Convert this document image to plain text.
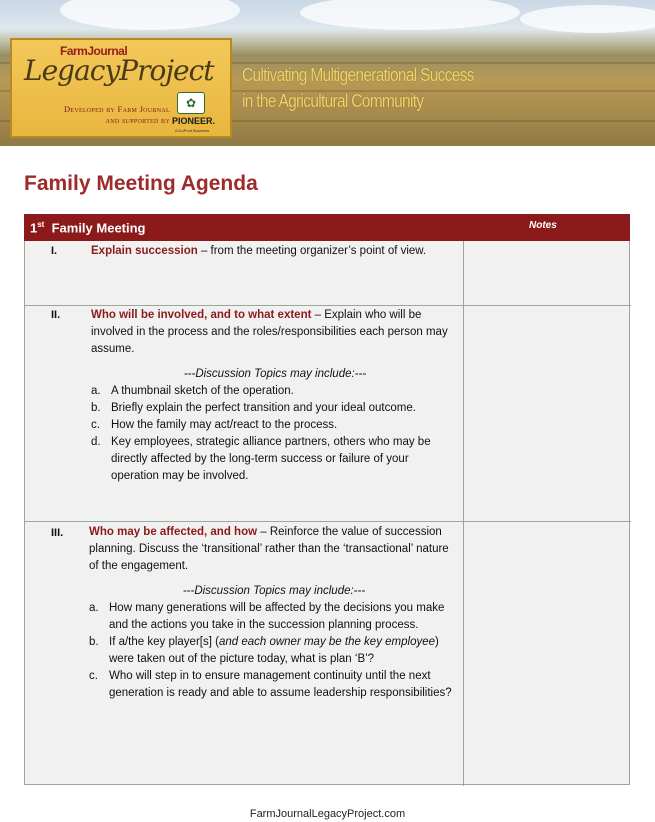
FarmJournal
LegacyProject
Developed by Farm Journal
and supported by
✿
PIONEER.
A DuPont Business
Cultivating Multigenerational Success
in the Agricultural Community
Family Meeting Agenda
1st Family Meeting	Notes
I.	Explain succession – from the meeting organizer’s point of view.
II.	Who will be involved, and to what extent – Explain who will be involved in the process and the roles/responsibilities each person may assume.
---Discussion Topics may include:---
a. A thumbnail sketch of the operation.
b. Briefly explain the perfect transition and your ideal outcome.
c. How the family may act/react to the process.
d. Key employees, strategic alliance partners, others who may be directly affected by the long-term success or failure of your operation may be involved.
III. Who may be affected, and how – Reinforce the value of succession planning. Discuss the ‘transitional’ rather than the ‘transactional’ nature of the engagement.
---Discussion Topics may include:---
a. How many generations will be affected by the decisions you make and the actions you take in the succession planning process.
b. If a/the key player[s] (and each owner may be the key employee) were taken out of the picture today, what is plan ‘B’?
c. Who will step in to ensure management continuity until the next generation is ready and able to assume leadership responsibilities?
FarmJournalLegacyProject.com
